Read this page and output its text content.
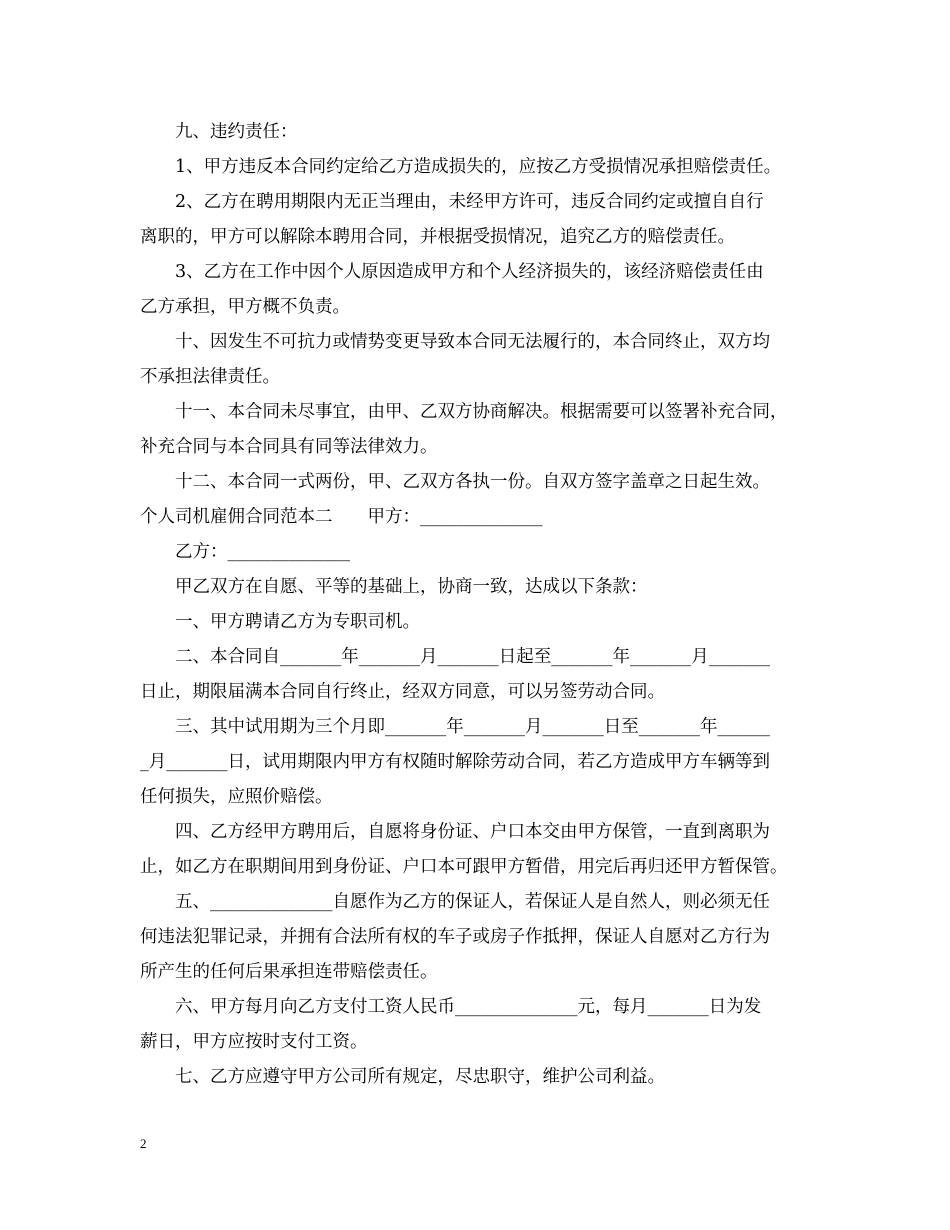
　　九、违约责任：
　　1、甲方违反本合同约定给乙方造成损失的，应按乙方受损情况承担赔偿责任。
　　2、乙方在聘用期限内无正当理由，未经甲方许可，违反合同约定或擅自自行
离职的，甲方可以解除本聘用合同，并根据受损情况，追究乙方的赔偿责任。
　　3、乙方在工作中因个人原因造成甲方和个人经济损失的，该经济赔偿责任由
乙方承担，甲方概不负责。
　　十、因发生不可抗力或情势变更导致本合同无法履行的，本合同终止，双方均
不承担法律责任。
　　十一、本合同未尽事宜，由甲、乙双方协商解决。根据需要可以签署补充合同，
补充合同与本合同具有同等法律效力。
　　十二、本合同一式两份，甲、乙双方各执一份。自双方签字盖章之日起生效。
个人司机雇佣合同范本二　　甲方：______________
　　乙方：______________
　　甲乙双方在自愿、平等的基础上，协商一致，达成以下条款：
　　一、甲方聘请乙方为专职司机。
　　二、本合同自_______年_______月_______日起至_______年_______月_______
日止，期限届满本合同自行终止，经双方同意，可以另签劳动合同。
　　三、其中试用期为三个月即_______年_______月_______日至_______年______
_月_______日，试用期限内甲方有权随时解除劳动合同，若乙方造成甲方车辆等到
任何损失，应照价赔偿。
　　四、乙方经甲方聘用后，自愿将身份证、户口本交由甲方保管，一直到离职为
止，如乙方在职期间用到身份证、户口本可跟甲方暂借，用完后再归还甲方暂保管。
　　五、______________自愿作为乙方的保证人，若保证人是自然人，则必须无任
何违法犯罪记录，并拥有合法所有权的车子或房子作抵押，保证人自愿对乙方行为
所产生的任何后果承担连带赔偿责任。
　　六、甲方每月向乙方支付工资人民币______________元，每月_______日为发
薪日，甲方应按时支付工资。
　　七、乙方应遵守甲方公司所有规定，尽忠职守，维护公司利益。
2
